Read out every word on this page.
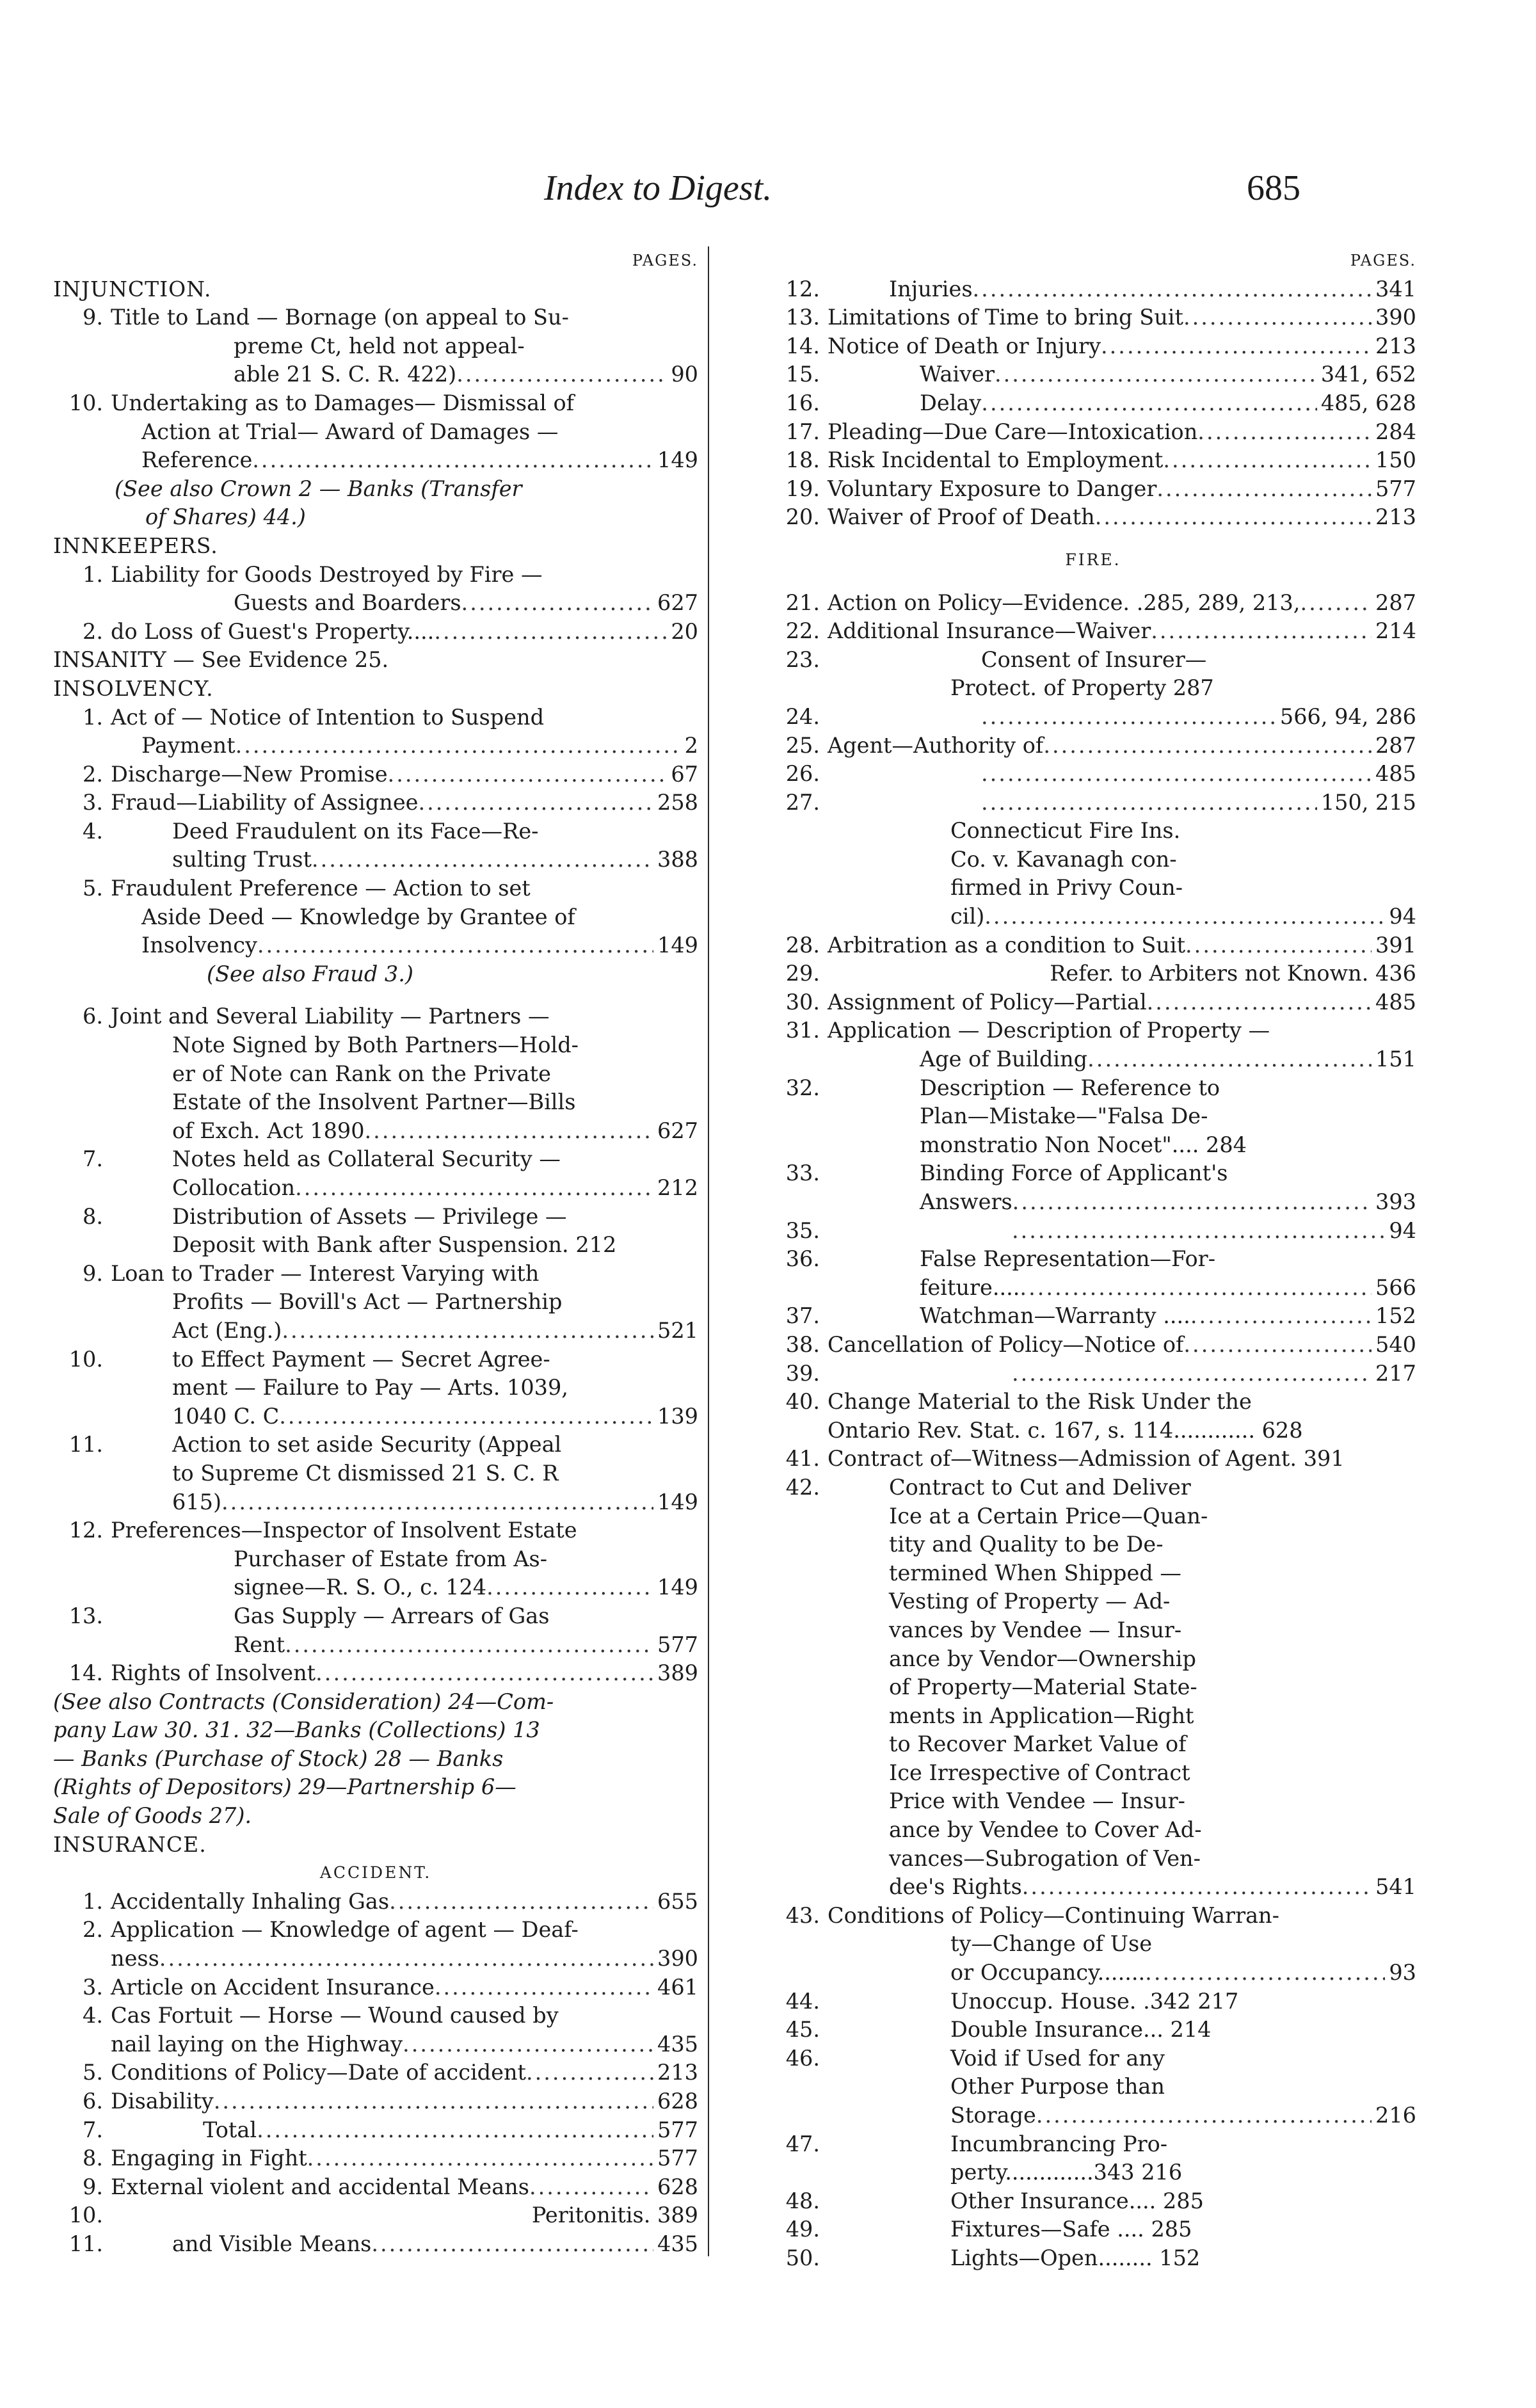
Index to Digest.	685
PAGES.
INJUNCTION.
9. Title to Land — Bornage (on appeal to Su-
preme Ct, held not appeal-
able 21 S. C. R. 422) .....	90
10. Undertaking as to Damages— Dismissal of
Action at Trial— Award of Damages —
Reference .....	149
(See also Crown 2 — Banks (Transfer
of Shares) 44.)
INNKEEPERS.
1. Liability for Goods Destroyed by Fire —
Guests and Boarders .....	627
2. do Loss of Guest's Property.... .....	20
INSANITY — See Evidence 25.
INSOLVENCY.
1. Act of — Notice of Intention to Suspend
Payment .....	2
2. Discharge—New Promise .....	67
3. Fraud—Liability of Assignee .....	258
4.	Deed Fraudulent on its Face—Re-
sulting Trust .....	388
5. Fraudulent Preference — Action to set
Aside Deed — Knowledge by Grantee of
Insolvency .....	149
(See also Fraud 3.)
6. Joint and Several Liability — Partners —
Note Signed by Both Partners—Hold-
er of Note can Rank on the Private
Estate of the Insolvent Partner—Bills
of Exch. Act 1890 .....	627
7.	Notes held as Collateral Security —
Collocation .....	212
8.	Distribution of Assets — Privilege —
Deposit with Bank after Suspension. 212
9. Loan to Trader — Interest Varying with
Profits — Bovill's Act — Partnership
Act (Eng.) .....	521
10.	to Effect Payment — Secret Agree-
ment — Failure to Pay — Arts. 1039,
1040 C. C .....	139
11.	Action to set aside Security (Appeal
to Supreme Ct dismissed 21 S. C. R
615) .....	149
12. Preferences—Inspector of Insolvent Estate
Purchaser of Estate from As-
signee—R. S. O., c. 124 .....	149
13.	Gas Supply — Arrears of Gas
Rent .....	577
14. Rights of Insolvent .....	389
(See also Contracts (Consideration) 24—Com-
pany Law 30. 31. 32—Banks (Collections) 13
— Banks (Purchase of Stock) 28 — Banks
(Rights of Depositors) 29—Partnership 6—
Sale of Goods 27).
INSURANCE.
ACCIDENT.
1. Accidentally Inhaling Gas .....	655
2. Application — Knowledge of agent — Deaf-
ness .....	390
3. Article on Accident Insurance .....	461
4. Cas Fortuit — Horse — Wound caused by
nail laying on the Highway .....	435
5. Conditions of Policy—Date of accident .....	213
6. Disability .....	628
7.	Total .....	577
8. Engaging in Fight .....	577
9. External violent and accidental Means .....	628
10.	Peritonitis. 389
11.	and Visible Means .....	435
PAGES.
12.	Injuries .....	341
13. Limitations of Time to bring Suit .....	390
14. Notice of Death or Injury .....	213
15.	Waiver .....	341, 652
16.	Delay .....	485, 628
17. Pleading—Due Care—Intoxication .....	284
18. Risk Incidental to Employment .....	150
19. Voluntary Exposure to Danger .....	577
20. Waiver of Proof of Death .....	213
FIRE.
21. Action on Policy—Evidence. .285, 289, 213, .....	287
22. Additional Insurance—Waiver .....	214
23.	Consent of Insurer—
Protect. of Property 287
24. .....	566, 94, 286
25. Agent—Authority of .....	287
26. .....	485
27. .....	150, 215
Connecticut Fire Ins.
Co. v. Kavanagh con-
firmed in Privy Coun-
cil) .....	94
28. Arbitration as a condition to Suit .....	391
29.	Refer. to Arbiters not Known. 436
30. Assignment of Policy—Partial .....	485
31. Application — Description of Property —
Age of Building .....	151
32.	Description — Reference to
Plan—Mistake—"Falsa De-
monstratio Non Nocet".... 284
33.	Binding Force of Applicant's
Answers .....	393
35. .....	94
36.	False Representation—For-
feiture.... .....	566
37.	Watchman—Warranty .... .....	152
38. Cancellation of Policy—Notice of .....	540
39. .....	217
40. Change Material to the Risk Under the
Ontario Rev. Stat. c. 167, s. 114............ 628
41. Contract of—Witness—Admission of Agent. 391
42.	Contract to Cut and Deliver
Ice at a Certain Price—Quan-
tity and Quality to be De-
termined When Shipped —
Vesting of Property — Ad-
vances by Vendee — Insur-
ance by Vendor—Ownership
of Property—Material State-
ments in Application—Right
to Recover Market Value of
Ice Irrespective of Contract
Price with Vendee — Insur-
ance by Vendee to Cover Ad-
vances—Subrogation of Ven-
dee's Rights .....	541
43. Conditions of Policy—Continuing Warran-
ty—Change of Use
or Occupancy....... .....	93
44.	Unoccup. House. .342 217
45.	Double Insurance... 214
46.	Void if Used for any
Other Purpose than
Storage .....	216
47.	Incumbrancing Pro-
perty.............343 216
48.	Other Insurance.... 285
49.	Fixtures—Safe .... 285
50.	Lights—Open........ 152
